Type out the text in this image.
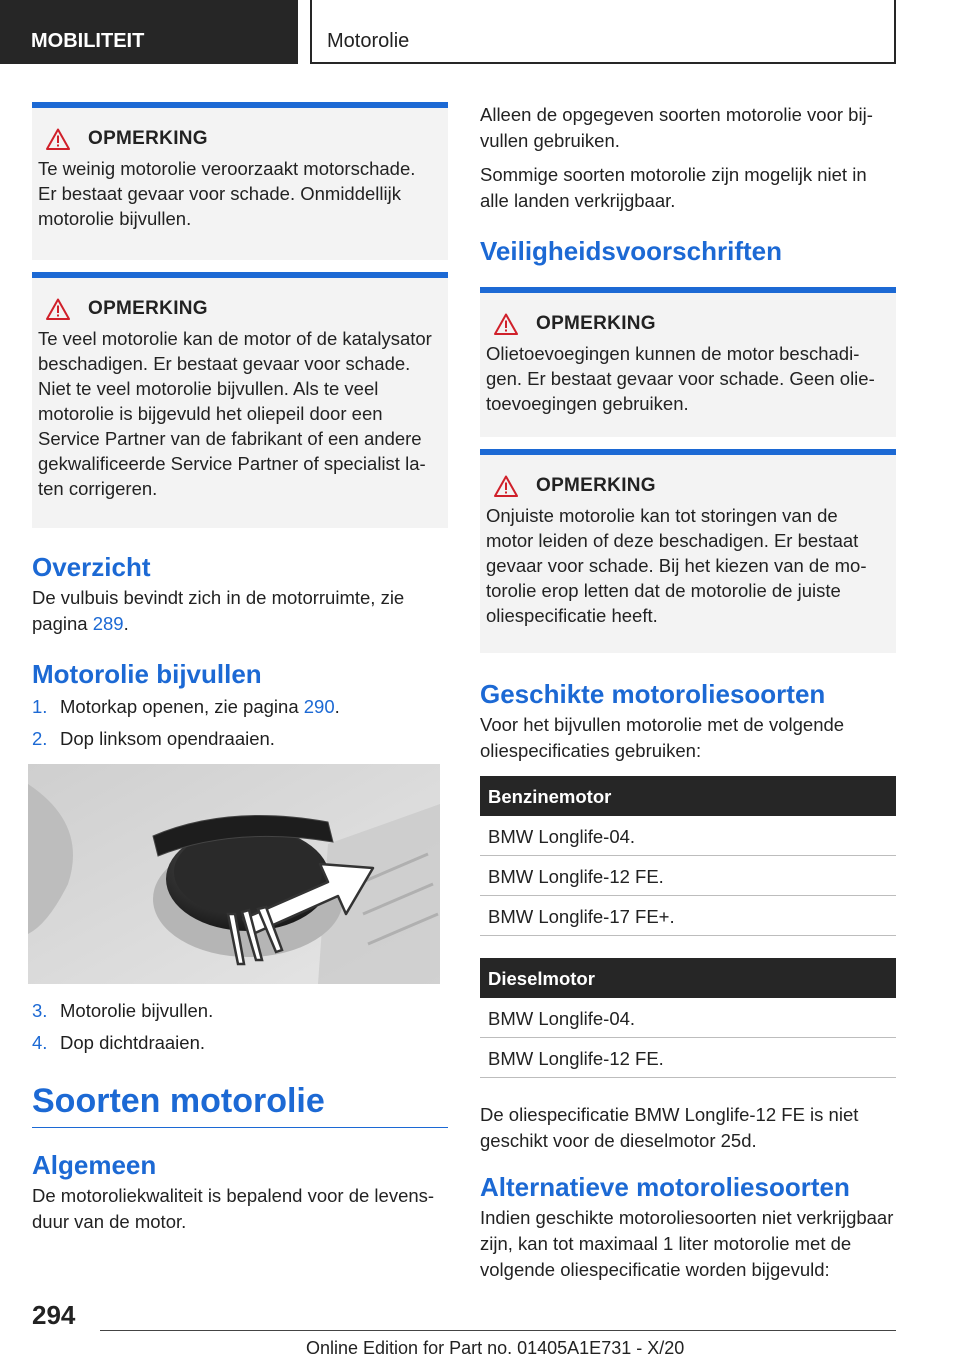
MOBILITEIT	Motorolie
OPMERKING
Te weinig motorolie veroorzaakt motorschade. Er bestaat gevaar voor schade. Onmiddellijk motorolie bijvullen.
OPMERKING
Te veel motorolie kan de motor of de katalysator beschadigen. Er bestaat gevaar voor schade. Niet te veel motorolie bijvullen. Als te veel motorolie is bijgevuld het oliepeil door een Service Partner van de fabrikant of een andere gekwalificeerde Service Partner of specialist laten corrigeren.
Overzicht

De vulbuis bevindt zich in de motorruimte, zie pagina 289.

Motorolie bijvullen
1. Motorkap openen, zie pagina 290.
2. Dop linksom opendraaien.
3. Motorolie bijvullen.
4. Dop dichtdraaien.
Soorten motorolie
Algemeen

De motoroliekwaliteit is bepalend voor de levensduur van de motor.

Alleen de opgegeven soorten motorolie voor bijvullen gebruiken.

Sommige soorten motorolie zijn mogelijk niet in alle landen verkrijgbaar.

Veiligheidsvoorschriften
OPMERKING
Olietoevoegingen kunnen de motor beschadigen. Er bestaat gevaar voor schade. Geen olietoevoegingen gebruiken.
OPMERKING
Onjuiste motorolie kan tot storingen van de motor leiden of deze beschadigen. Er bestaat gevaar voor schade. Bij het kiezen van de motorolie erop letten dat de motorolie de juiste oliespecificatie heeft.
Geschikte motoroliesoorten

Voor het bijvullen motorolie met de volgende oliespecificaties gebruiken:

Benzinemotor
BMW Longlife-04.
BMW Longlife-12 FE.
BMW Longlife-17 FE+.
Dieselmotor
BMW Longlife-04.
BMW Longlife-12 FE.

De oliespecificatie BMW Longlife-12 FE is niet geschikt voor de dieselmotor 25d.

Alternatieve motoroliesoorten

Indien geschikte motoroliesoorten niet verkrijgbaar zijn, kan tot maximaal 1 liter motorolie met de volgende oliespecificatie worden bijgevuld:

294
Online Edition for Part no. 01405A1E731 - X/20
